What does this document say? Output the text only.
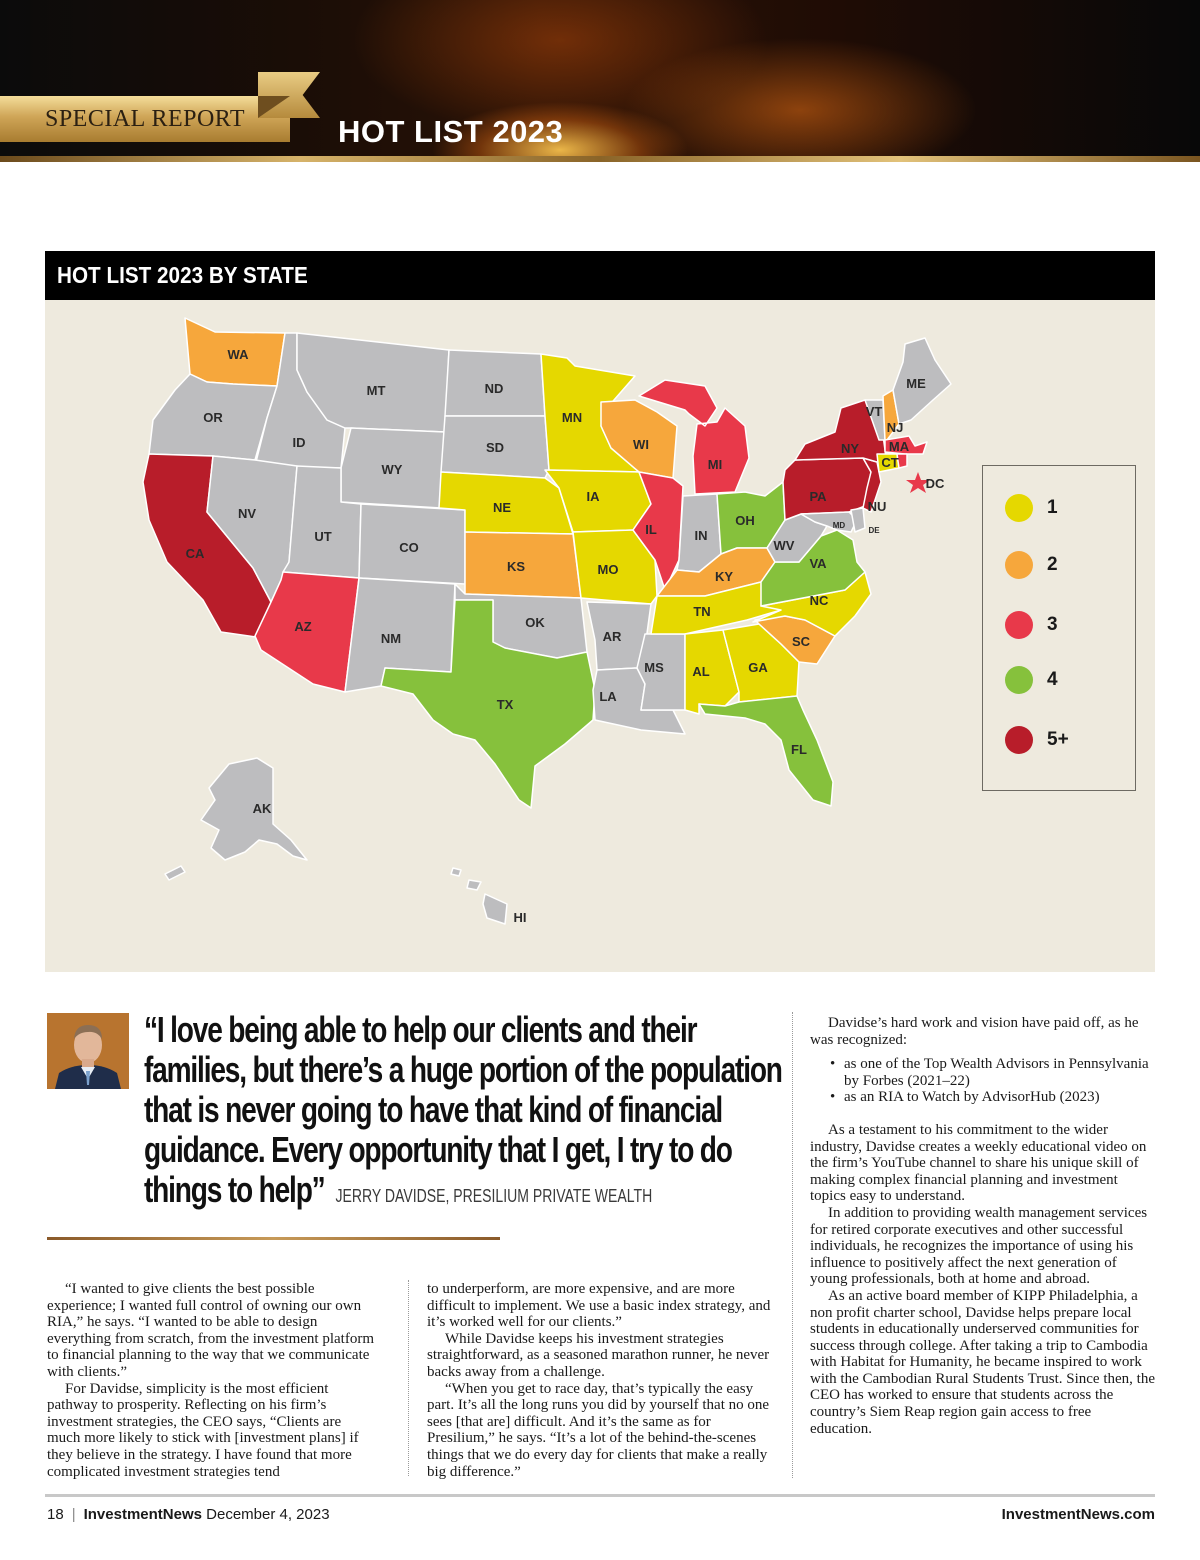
SPECIAL REPORT	HOT LIST 2023
HOT LIST 2023 BY STATE
WA
OR
CA
ID
NV
MT
WY
UT
AZ
CO
NM
ND
SD
NE
KS
OK
TX
MN
IA
MO
AR
LA
WI
IL
MS
MI
IN
OH
KY
TN
AL	GA
FL
SC
NC
VA
WV
PA
NY
ME
VT
NJ
MA
CT
NU
MD
DE
DC
AK
HI
1
2
3
4
5+
“I love being able to help our clients and their families, but there’s a huge portion of the population that is never going to have that kind of financial guidance. Every opportunity that I get, I try to do things to help” JERRY DAVIDSE, PRESILIUM PRIVATE WEALTH

“I wanted to give clients the best possible experience; I wanted full control of owning our own RIA,” he says. “I wanted to be able to design everything from scratch, from the investment platform to financial planning to the way that we communicate with clients.”

For Davidse, simplicity is the most efficient pathway to prosperity. Reflecting on his firm’s investment strategies, the CEO says, “Clients are much more likely to stick with [investment plans] if they believe in the strategy. I have found that more complicated investment strategies tend

to underperform, are more expensive, and are more difficult to implement. We use a basic index strategy, and it’s worked well for our clients.”

While Davidse keeps his investment strategies straightforward, as a seasoned marathon runner, he never backs away from a challenge.

“When you get to race day, that’s typically the easy part. It’s all the long runs you did by yourself that no one sees [that are] difficult. And it’s the same as for Presilium,” he says. “It’s a lot of the behind-the-scenes things that we do every day for clients that make a really big difference.”

Davidse’s hard work and vision have paid off, as he was recognized:

• as one of the Top Wealth Advisors in Pennsylvania by Forbes (2021–22)
• as an RIA to Watch by AdvisorHub (2023)

As a testament to his commitment to the wider industry, Davidse creates a weekly educational video on the firm’s YouTube channel to share his unique skill of making complex financial planning and investment topics easy to understand.

In addition to providing wealth management services for retired corporate executives and other successful individuals, he recognizes the importance of using his influence to positively affect the next generation of young professionals, both at home and abroad.

As an active board member of KIPP Philadelphia, a non profit charter school, Davidse helps prepare local students in educationally underserved communities for success through college. After taking a trip to Cambodia with Habitat for Humanity, he became inspired to work with the Cambodian Rural Students Trust. Since then, the CEO has worked to ensure that students across the country’s Siem Reap region gain access to free education.

18 | InvestmentNews December 4, 2023	InvestmentNews.com
